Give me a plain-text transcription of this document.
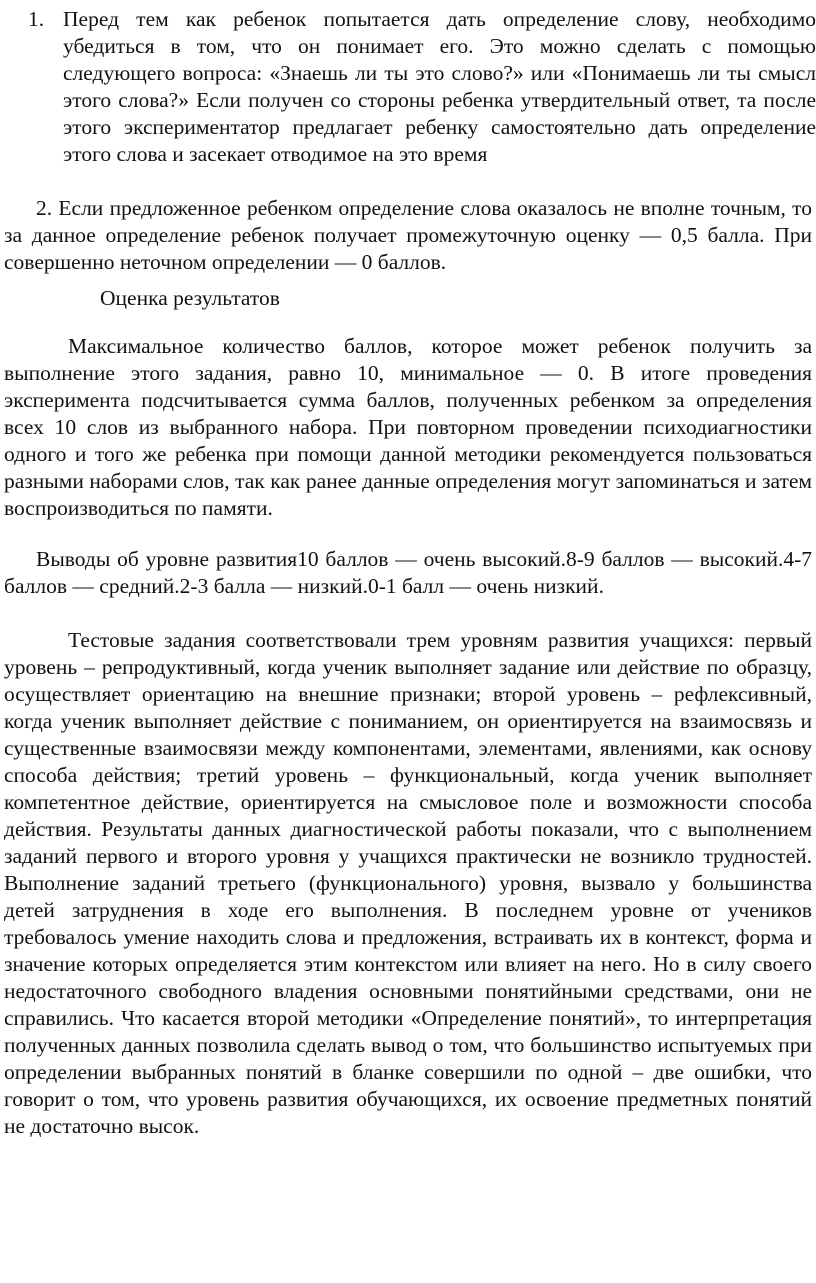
1. Перед тем как ребенок попытается дать определение слову, необходимо убедиться в том, что он понимает его. Это можно сделать с помощью следующего вопроса: «Знаешь ли ты это слово?» или «Понимаешь ли ты смысл этого слова?» Если получен со стороны ребенка утвердительный ответ, та после этого экспериментатор предлагает ребенку самостоятельно дать определение этого слова и засекает отводимое на это время

2. Если предложенное ребенком определение слова оказалось не вполне точным, то за данное определение ребенок получает промежуточную оценку — 0,5 балла. При совершенно неточном определении — 0 баллов.

Оценка результатов

Максимальное количество баллов, которое может ребенок получить за выполнение этого задания, равно 10, минимальное — 0. В итоге проведения эксперимента подсчитывается сумма баллов, полученных ребенком за определения всех 10 слов из выбранного набора. При повторном проведении психодиагностики одного и того же ребенка при помощи данной методики рекомендуется пользоваться разными наборами слов, так как ранее данные определения могут запоминаться и затем воспроизводиться по памяти.

Выводы об уровне развития10 баллов — очень высокий.8-9 баллов — высокий.4-7 баллов — средний.2-3 балла — низкий.0-1 балл — очень низкий.

Тестовые задания соответствовали трем уровням развития учащихся: первый уровень – репродуктивный, когда ученик выполняет задание или действие по образцу, осуществляет ориентацию на внешние признаки; второй уровень – рефлексивный, когда ученик выполняет действие с пониманием, он ориентируется на взаимосвязь и существенные взаимосвязи между компонентами, элементами, явлениями, как основу способа действия; третий уровень – функциональный, когда ученик выполняет компетентное действие, ориентируется на смысловое поле и возможности способа действия. Результаты данных диагностической работы показали, что с выполнением заданий первого и второго уровня у учащихся практически не возникло трудностей. Выполнение заданий третьего (функционального) уровня, вызвало у большинства детей затруднения в ходе его выполнения. В последнем уровне от учеников требовалось умение находить слова и предложения, встраивать их в контекст, форма и значение которых определяется этим контекстом или влияет на него. Но в силу своего недостаточного свободного владения основными понятийными средствами, они не справились. Что касается второй методики «Определение понятий», то интерпретация полученных данных позволила сделать вывод о том, что большинство испытуемых при определении выбранных понятий в бланке совершили по одной – две ошибки, что говорит о том, что уровень развития обучающихся, их освоение предметных понятий не достаточно высок.
